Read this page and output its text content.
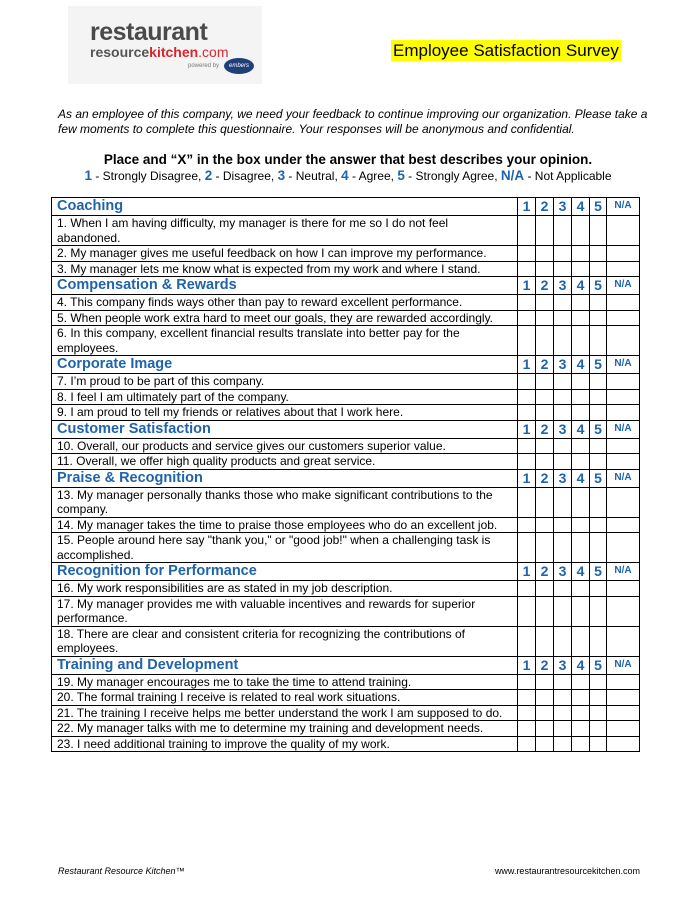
restaurant
resourcekitchen.com
powered by	embers
Employee Satisfaction Survey

As an employee of this company, we need your feedback to continue improving our organization. Please take a few moments to complete this questionnaire. Your responses will be anonymous and confidential.

Place and “X” in the box under the answer that best describes your opinion.
1 - Strongly Disagree, 2 - Disagree, 3 - Neutral, 4 - Agree, 5 - Strongly Agree, N/A - Not Applicable
Coaching	1	2	3	4	5	N/A
1. When I am having difficulty, my manager is there for me so I do not feel abandoned.						
2. My manager gives me useful feedback on how I can improve my performance.						
3. My manager lets me know what is expected from my work and where I stand.						
Compensation & Rewards	1	2	3	4	5	N/A
4. This company finds ways other than pay to reward excellent performance.						
5. When people work extra hard to meet our goals, they are rewarded accordingly.						
6. In this company, excellent financial results translate into better pay for the employees.						
Corporate Image	1	2	3	4	5	N/A
7. I’m proud to be part of this company.						
8. I feel I am ultimately part of the company.						
9. I am proud to tell my friends or relatives about that I work here.						
Customer Satisfaction	1	2	3	4	5	N/A
10. Overall, our products and service gives our customers superior value.						
11. Overall, we offer high quality products and great service.						
Praise & Recognition	1	2	3	4	5	N/A
13. My manager personally thanks those who make significant contributions to the company.						
14. My manager takes the time to praise those employees who do an excellent job.						
15. People around here say "thank you," or "good job!" when a challenging task is accomplished.						
Recognition for Performance	1	2	3	4	5	N/A
16. My work responsibilities are as stated in my job description.						
17. My manager provides me with valuable incentives and rewards for superior performance.						
18. There are clear and consistent criteria for recognizing the contributions of employees.						
Training and Development	1	2	3	4	5	N/A
19. My manager encourages me to take the time to attend training.						
20. The formal training I receive is related to real work situations.						
21. The training I receive helps me better understand the work I am supposed to do.						
22. My manager talks with me to determine my training and development needs.						
23. I need additional training to improve the quality of my work.						
Restaurant Resource Kitchen™	www.restaurantresourcekitchen.com
